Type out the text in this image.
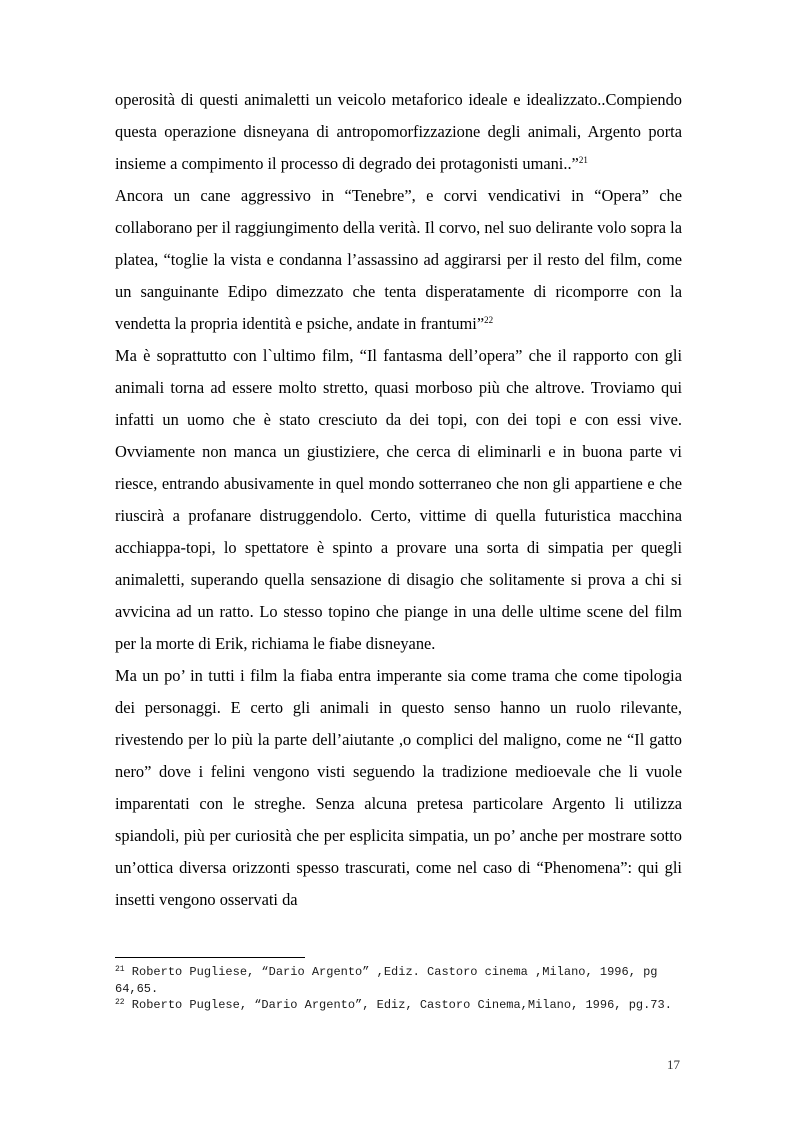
operosità di questi animaletti un veicolo metaforico ideale e idealizzato..Compiendo questa operazione disneyana di antropomorfizzazione degli animali, Argento porta insieme a compimento il processo di degrado dei protagonisti umani..”$^{21}$

Ancora un cane aggressivo in “Tenebre”, e corvi vendicativi in “Opera” che collaborano per il raggiungimento della verità. Il corvo, nel suo delirante volo sopra la platea, “toglie la vista e condanna l’assassino ad aggirarsi per il resto del film, come un sanguinante Edipo dimezzato che tenta disperatamente di ricomporre con la vendetta la propria identità e psiche, andate in frantumi”$^{22}$

Ma è soprattutto con l`ultimo film, “Il fantasma dell’opera” che il rapporto con gli animali torna ad essere molto stretto, quasi morboso più che altrove. Troviamo qui infatti un uomo che è stato cresciuto da dei topi, con dei topi e con essi vive. Ovviamente non manca un giustiziere, che cerca di eliminarli e in buona parte vi riesce, entrando abusivamente in quel mondo sotterraneo che non gli appartiene e che riuscirà a profanare distruggendolo. Certo, vittime di quella futuristica macchina acchiappa-topi, lo spettatore è spinto a provare una sorta di simpatia per quegli animaletti, superando quella sensazione di disagio che solitamente si prova a chi si avvicina ad un ratto. Lo stesso topino che piange in una delle ultime scene del film per la morte di Erik, richiama le fiabe disneyane.

Ma un po’ in tutti i film la fiaba entra imperante sia come trama che come tipologia dei personaggi. E certo gli animali in questo senso hanno un ruolo rilevante, rivestendo per lo più la parte dell’aiutante ,o complici del maligno, come ne “Il gatto nero” dove i felini vengono visti seguendo la tradizione medioevale che li vuole imparentati con le streghe. Senza alcuna pretesa particolare Argento li utilizza spiandoli, più per curiosità che per esplicita simpatia, un po’ anche per mostrare sotto un’ottica diversa orizzonti spesso trascurati, come nel caso di “Phenomena”: qui gli insetti vengono osservati da

$^{21}$ Roberto Pugliese, “Dario Argento” ,Ediz. Castoro cinema ,Milano, 1996, pg 64,65.

$^{22}$ Roberto Puglese, “Dario Argento”, Ediz, Castoro Cinema,Milano, 1996, pg.73.

17
